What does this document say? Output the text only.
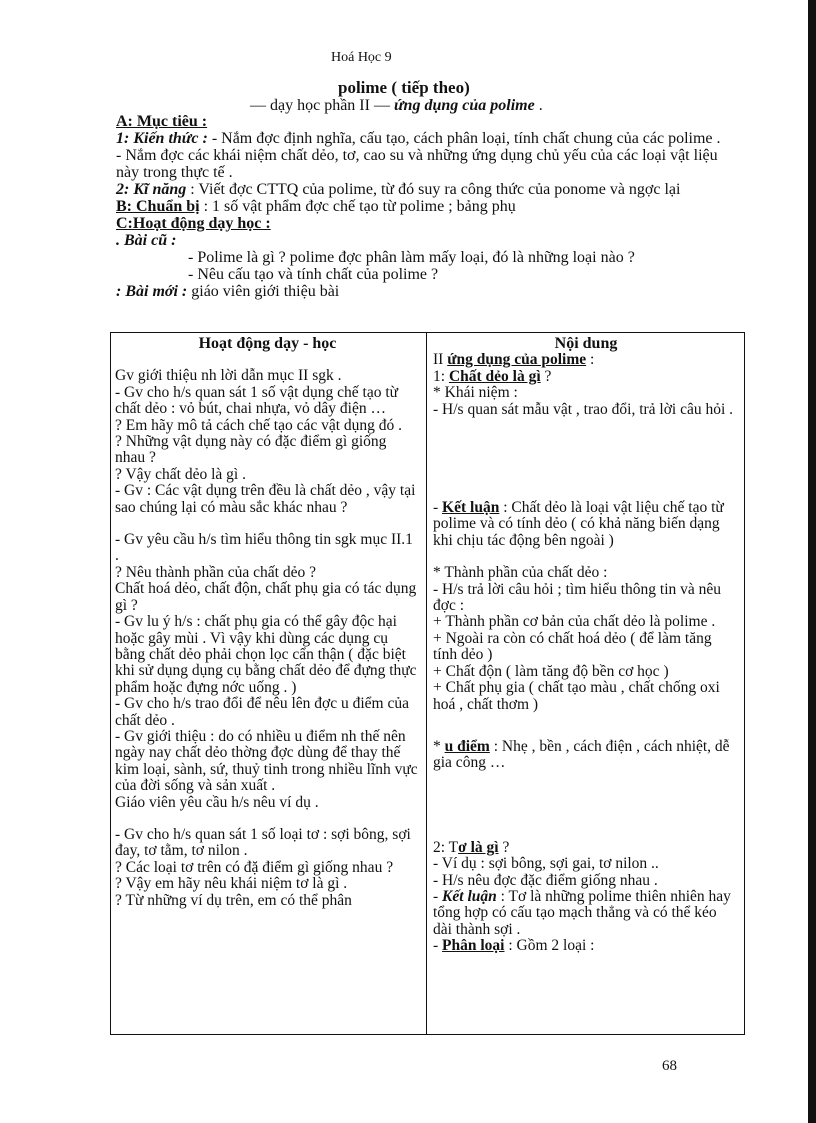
Hoá Học 9
polime ( tiếp theo)
— dạy học phần II — ứng dụng của polime .

A: Mục tiêu :

1: Kiến thức : - Nắm đợc định nghĩa, cấu tạo, cách phân loại, tính chất chung của các polime .

- Nắm đợc các khái niệm chất dẻo, tơ, cao su và những ứng dụng chủ yếu của các loại vật liệu này trong thực tế .

2: Kĩ năng : Viết đợc CTTQ của polime, từ đó suy ra công thức của ponome và ngợc lại

B: Chuẩn bị : 1 số vật phẩm đợc chế tạo từ polime ; bảng phụ

C:Hoạt động dạy học :

. Bài cũ :

- Polime là gì ? polime đợc phân làm mấy loại, đó là những loại nào ?

- Nêu cấu tạo và tính chất của polime ?

: Bài mới : giáo viên giới thiệu bài

Hoạt động dạy - học

Gv giới thiệu nh lời dẫn mục II sgk .

- Gv cho h/s quan sát 1 số vật dụng chế tạo từ chất dẻo : vỏ bút, chai nhựa, vỏ dây điện …

? Em hãy mô tả cách chế tạo các vật dụng đó .

? Những vật dụng này có đặc điểm gì giống nhau ?

? Vậy chất dẻo là gì .

- Gv : Các vật dụng trên đều là chất dẻo , vậy tại sao chúng lại có màu sắc khác nhau ?

- Gv yêu cầu h/s tìm hiểu thông tin sgk mục II.1 .

? Nêu thành phần của chất dẻo ?

Chất hoá dẻo, chất độn, chất phụ gia có tác dụng gì ?

- Gv lu ý h/s : chất phụ gia có thể gây độc hại hoặc gây mùi . Vì vậy khi dùng các dụng cụ bằng chất dẻo phải chọn lọc cẩn thận ( đặc biệt khi sử dụng dụng cụ bằng chất dẻo để đựng thực phẩm hoặc đựng nớc uống . )

- Gv cho h/s trao đổi để nêu lên đợc u điểm của chất dẻo .

- Gv giới thiệu : do có nhiều u điểm nh thế nên ngày nay chất dẻo thờng đợc dùng để thay thế kim loại, sành, sứ, thuỷ tinh trong nhiều lĩnh vực của đời sống và sản xuất .

Giáo viên yêu cầu h/s nêu ví dụ .

- Gv cho h/s quan sát 1 số loại tơ : sợi bông, sợi đay, tơ tằm, tơ nilon .

? Các loại tơ trên có đặ điểm gì giống nhau ?

? Vậy em hãy nêu khái niệm tơ là gì .

? Từ những ví dụ trên, em có thể phân

Nội dung

II ứng dụng của polime :

1: Chất dẻo là gì ?

* Khái niệm :

- H/s quan sát mẫu vật , trao đổi, trả lời câu hỏi .

- Kết luận : Chất dẻo là loại vật liệu chế tạo từ polime và có tính dẻo ( có khả năng biến dạng khi chịu tác động bên ngoài )

* Thành phần của chất dẻo :

- H/s trả lời câu hỏi ; tìm hiểu thông tin và nêu đợc :

+ Thành phần cơ bản của chất dẻo là polime .

+ Ngoài ra còn có chất hoá dẻo ( để làm tăng tính dẻo )

+ Chất độn ( làm tăng độ bền cơ học )

+ Chất phụ gia ( chất tạo màu , chất chống oxi hoá , chất thơm )

* u điểm : Nhẹ , bền , cách điện , cách nhiệt, dễ gia công …

2: Tơ là gì ?

- Ví dụ : sợi bông, sợi gai, tơ nilon ..

- H/s nêu đợc đặc điểm giống nhau .

- Kết luận : Tơ là những polime thiên nhiên hay tổng hợp có cấu tạo mạch thẳng và có thể kéo dài thành sợi .

- Phân loại : Gồm 2 loại :

68
